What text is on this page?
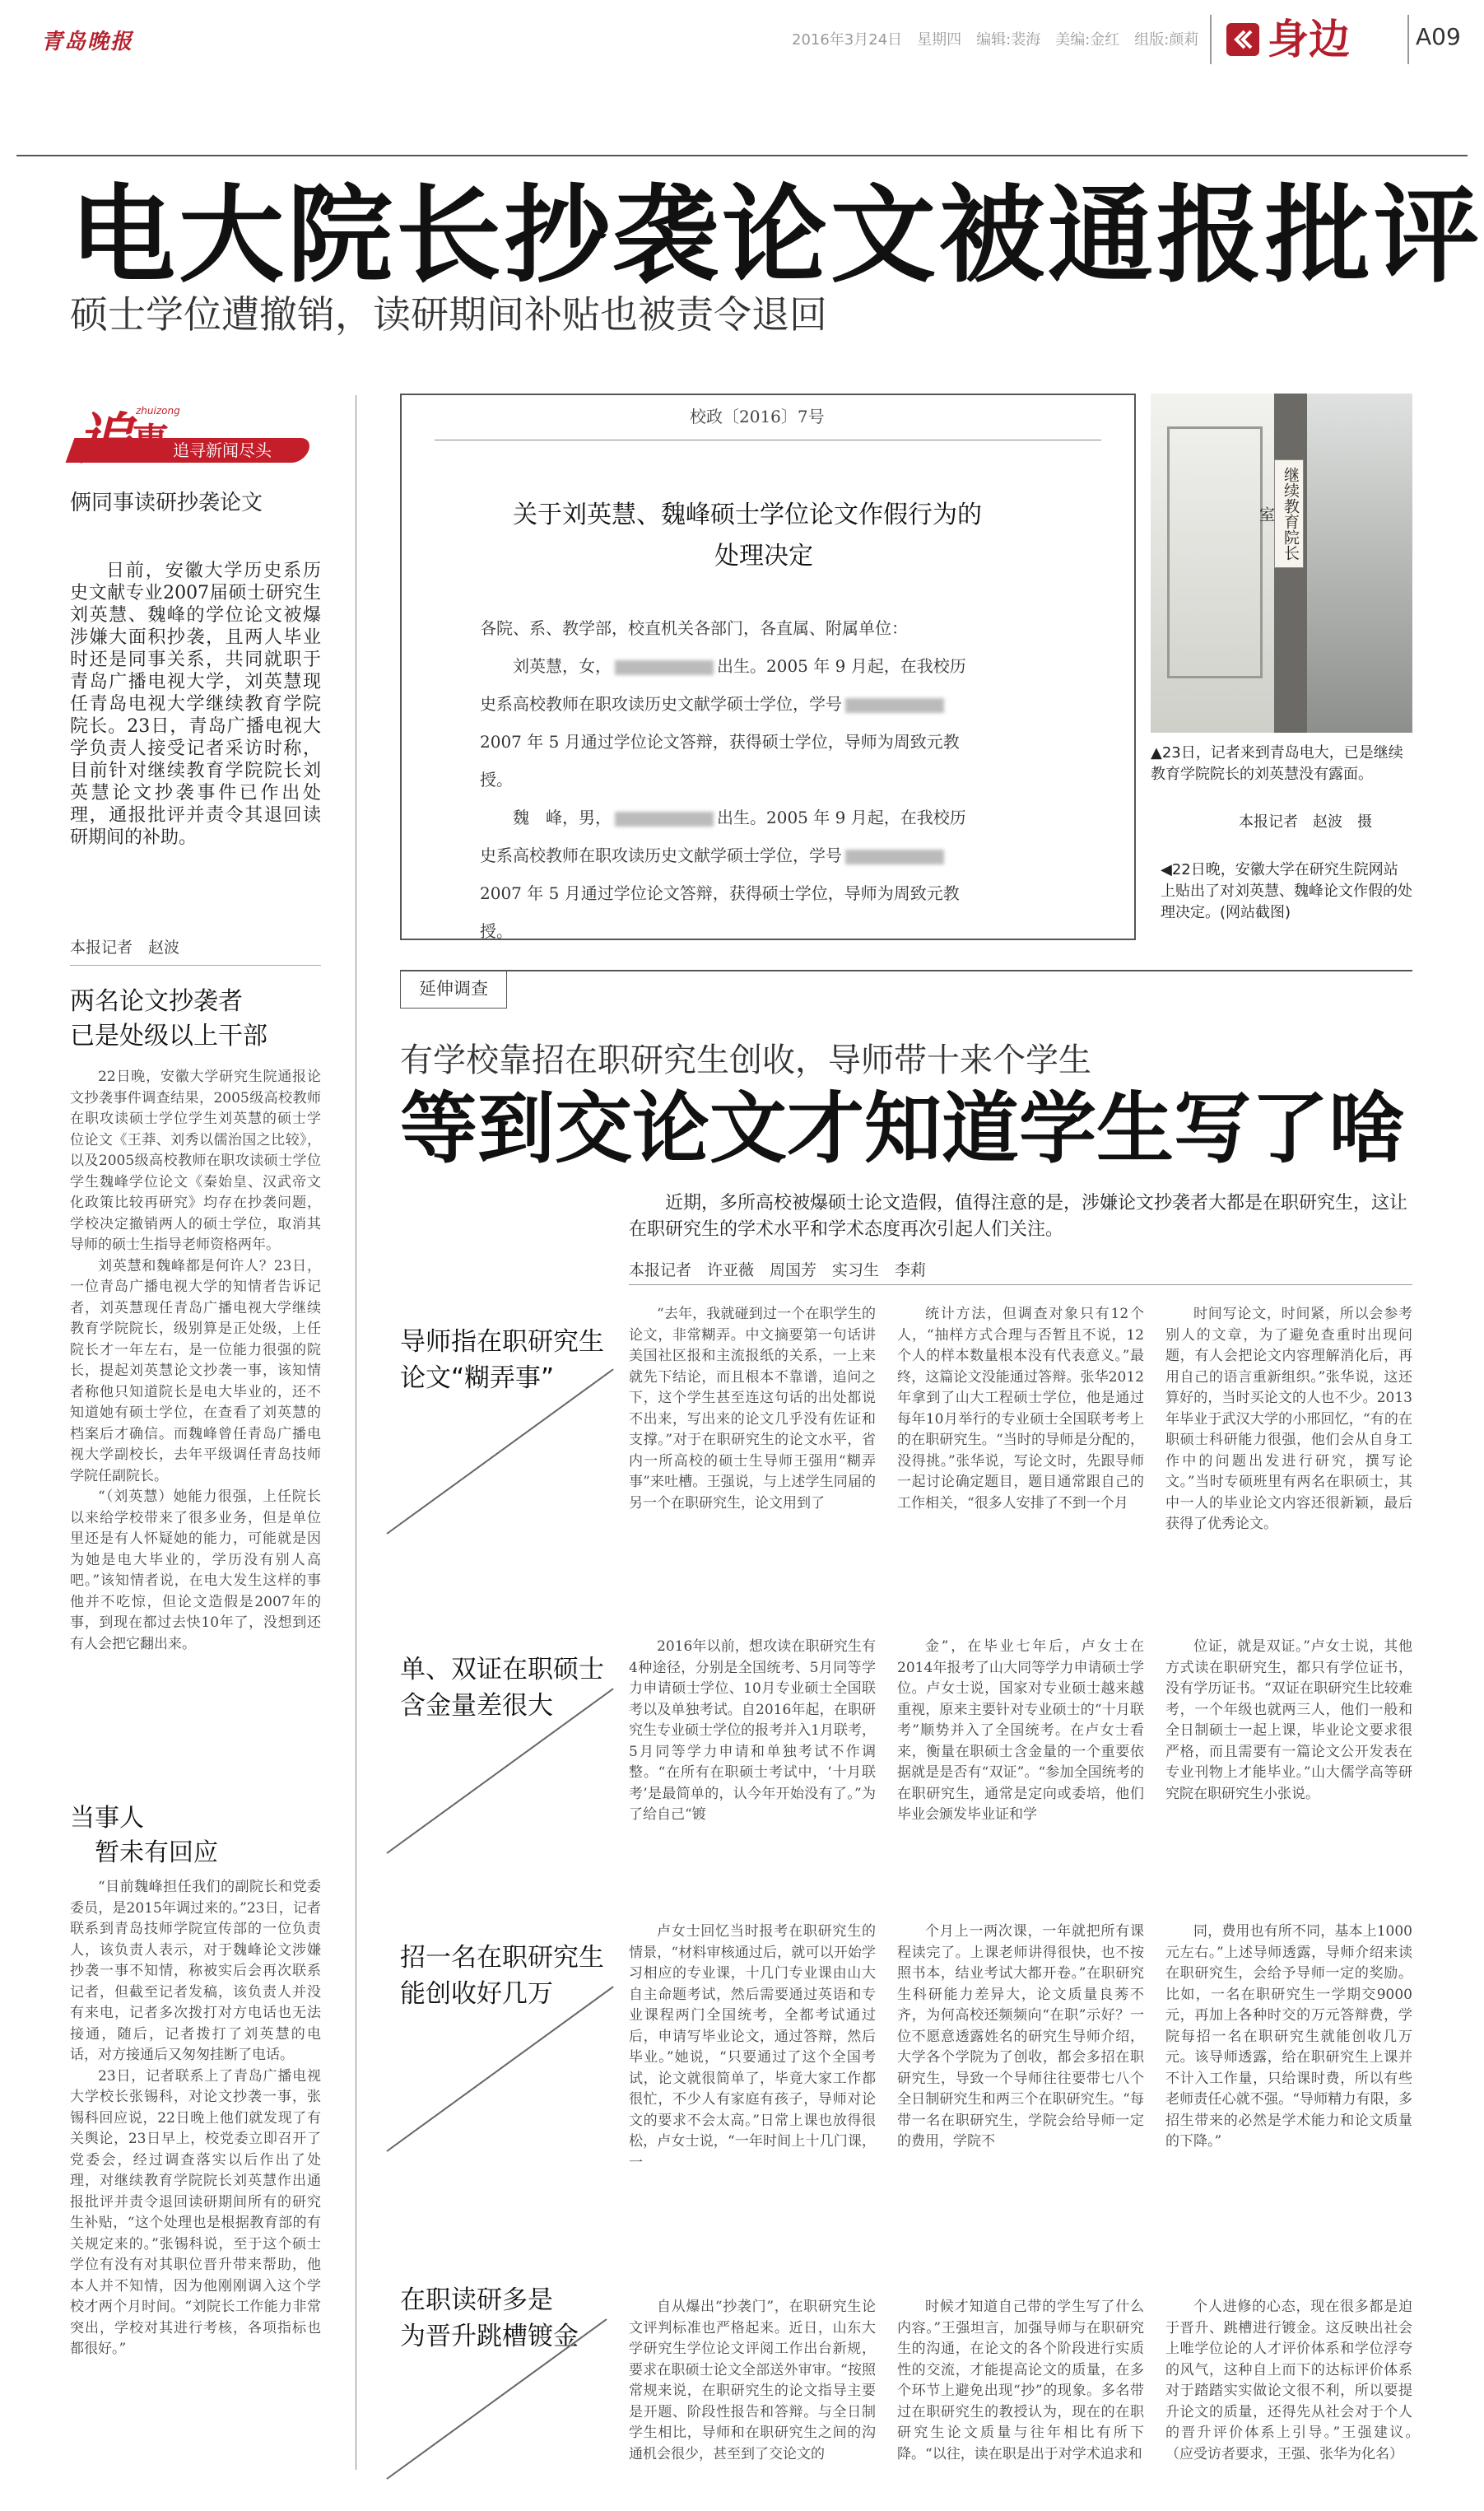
青岛晚报	2016年3月24日　星期四　编辑:裴海　美编:金红　组版:颜莉 身边	A09
电大院长抄袭论文被通报批评
硕士学位遭撤销，读研期间补贴也被责令退回
zhuizong
追 事 追寻新闻尽头
俩同事读研抄袭论文

日前，安徽大学历史系历史文献专业2007届硕士研究生刘英慧、魏峰的学位论文被爆涉嫌大面积抄袭，且两人毕业时还是同事关系，共同就职于青岛广播电视大学，刘英慧现任青岛电视大学继续教育学院院长。23日，青岛广播电视大学负责人接受记者采访时称，目前针对继续教育学院院长刘英慧论文抄袭事件已作出处理，通报批评并责令其退回读研期间的补助。

本报记者　赵波
两名论文抄袭者
已是处级以上干部

22日晚，安徽大学研究生院通报论文抄袭事件调查结果，2005级高校教师在职攻读硕士学位学生刘英慧的硕士学位论文《王莽、刘秀以儒治国之比较》，以及2005级高校教师在职攻读硕士学位学生魏峰学位论文《秦始皇、汉武帝文化政策比较再研究》均存在抄袭问题，学校决定撤销两人的硕士学位，取消其导师的硕士生指导老师资格两年。

刘英慧和魏峰都是何许人？23日，一位青岛广播电视大学的知情者告诉记者，刘英慧现任青岛广播电视大学继续教育学院院长，级别算是正处级，上任院长才一年左右，是一位能力很强的院长，提起刘英慧论文抄袭一事，该知情者称他只知道院长是电大毕业的，还不知道她有硕士学位，在查看了刘英慧的档案后才确信。而魏峰曾任青岛广播电视大学副校长，去年平级调任青岛技师学院任副院长。

“（刘英慧）她能力很强，上任院长以来给学校带来了很多业务，但是单位里还是有人怀疑她的能力，可能就是因为她是电大毕业的，学历没有别人高吧。”该知情者说，在电大发生这样的事他并不吃惊，但论文造假是2007年的事，到现在都过去快10年了，没想到还有人会把它翻出来。

当事人
暂未有回应

“目前魏峰担任我们的副院长和党委委员，是2015年调过来的。”23日，记者联系到青岛技师学院宣传部的一位负责人，该负责人表示，对于魏峰论文涉嫌抄袭一事不知情，称被实后会再次联系记者，但截至记者发稿，该负责人并没有来电，记者多次拨打对方电话也无法接通，随后，记者拨打了刘英慧的电话，对方接通后又匆匆挂断了电话。

23日，记者联系上了青岛广播电视大学校长张锡科，对论文抄袭一事，张锡科回应说，22日晚上他们就发现了有关舆论，23日早上，校党委立即召开了党委会，经过调查落实以后作出了处理，对继续教育学院院长刘英慧作出通报批评并责令退回读研期间所有的研究生补贴，“这个处理也是根据教育部的有关规定来的。”张锡科说，至于这个硕士学位有没有对其职位晋升带来帮助，他本人并不知情，因为他刚刚调入这个学校才两个月时间。“刘院长工作能力非常突出，学校对其进行考核，各项指标也都很好。”

校政〔2016〕7号
关于刘英慧、魏峰硕士学位论文作假行为的
处理决定
各院、系、教学部，校直机关各部门，各直属、附属单位：
刘英慧，女，	出生。2005 年 9 月起，在我校历
史系高校教师在职攻读历史文献学硕士学位，学号
2007 年 5 月通过学位论文答辩，获得硕士学位，导师为周致元教
授。
魏　峰，男，	出生。2005 年 9 月起，在我校历
史系高校教师在职攻读历史文献学硕士学位，学号
2007 年 5 月通过学位论文答辩，获得硕士学位，导师为周致元教
授。
继续教育院长室
▲23日，记者来到青岛电大，已是继续教育学院院长的刘英慧没有露面。
本报记者　赵波　摄
◀22日晚，安徽大学在研究生院网站上贴出了对刘英慧、魏峰论文作假的处理决定。(网站截图)
延伸调查
有学校靠招在职研究生创收，导师带十来个学生
等到交论文才知道学生写了啥

近期，多所高校被爆硕士论文造假，值得注意的是，涉嫌论文抄袭者大都是在职研究生，这让在职研究生的学术水平和学术态度再次引起人们关注。

本报记者　许亚薇　周国芳　实习生　李莉
导师指在职研究生
论文“糊弄事”

“去年，我就碰到过一个在职学生的论文，非常糊弄。中文摘要第一句话讲美国社区报和主流报纸的关系，一上来就先下结论，而且根本不靠谱，追问之下，这个学生甚至连这句话的出处都说不出来，写出来的论文几乎没有佐证和支撑。”对于在职研究生的论文水平，省内一所高校的硕士生导师王强用“糊弄事”来吐槽。王强说，与上述学生同届的另一个在职研究生，论文用到了

统计方法，但调查对象只有12个人，“抽样方式合理与否暂且不说，12个人的样本数量根本没有代表意义。”最终，这篇论文没能通过答辩。张华2012年拿到了山大工程硕士学位，他是通过每年10月举行的专业硕士全国联考考上的在职研究生。“当时的导师是分配的，没得挑。”张华说，写论文时，先跟导师一起讨论确定题目，题目通常跟自己的工作相关，“很多人安排了不到一个月

时间写论文，时间紧，所以会参考别人的文章，为了避免查重时出现问题，有人会把论文内容理解消化后，再用自己的语言重新组织。”张华说，这还算好的，当时买论文的人也不少。2013年毕业于武汉大学的小邢回忆，“有的在职硕士科研能力很强，他们会从自身工作中的问题出发进行研究，撰写论文。”当时专硕班里有两名在职硕士，其中一人的毕业论文内容还很新颖，最后获得了优秀论文。

单、双证在职硕士
含金量差很大

2016年以前，想攻读在职研究生有4种途径，分别是全国统考、5月同等学力申请硕士学位、10月专业硕士全国联考以及单独考试。自2016年起，在职研究生专业硕士学位的报考并入1月联考，5月同等学力申请和单独考试不作调整。“在所有在职硕士考试中，‘十月联考’是最简单的，认今年开始没有了。”为了给自己“镀

金”，在毕业七年后，卢女士在2014年报考了山大同等学力申请硕士学位。卢女士说，国家对专业硕士越来越重视，原来主要针对专业硕士的“十月联考”顺势并入了全国统考。在卢女士看来，衡量在职硕士含金量的一个重要依据就是是否有“双证”。“参加全国统考的在职研究生，通常是定向或委培，他们毕业会颁发毕业证和学

位证，就是双证。”卢女士说，其他方式读在职研究生，都只有学位证书，没有学历证书。“双证在职研究生比较难考，一个年级也就两三人，他们一般和全日制硕士一起上课，毕业论文要求很严格，而且需要有一篇论文公开发表在专业刊物上才能毕业。”山大儒学高等研究院在职研究生小张说。

招一名在职研究生
能创收好几万

卢女士回忆当时报考在职研究生的情景，“材料审核通过后，就可以开始学习相应的专业课，十几门专业课由山大自主命题考试，然后需要通过英语和专业课程两门全国统考，全都考试通过后，申请写毕业论文，通过答辩，然后毕业。”她说，“只要通过了这个全国考试，论文就很简单了，毕竟大家工作都很忙，不少人有家庭有孩子，导师对论文的要求不会太高。”日常上课也放得很松，卢女士说，“一年时间上十几门课，一

个月上一两次课，一年就把所有课程读完了。上课老师讲得很快，也不按照书本，结业考试大都开卷。”在职研究生科研能力差异大，论文质量良莠不齐，为何高校还频频向“在职”示好？一位不愿意透露姓名的研究生导师介绍，大学各个学院为了创收，都会多招在职研究生，导致一个导师往往要带七八个全日制研究生和两三个在职研究生。“每带一名在职研究生，学院会给导师一定的费用，学院不

同，费用也有所不同，基本上1000元左右。”上述导师透露，导师介绍来读在职研究生，会给予导师一定的奖励。比如，一名在职研究生一学期交9000元，再加上各种时交的万元答辩费，学院每招一名在职研究生就能创收几万元。该导师透露，给在职研究生上课并不计入工作量，只给课时费，所以有些老师责任心就不强。“导师精力有限，多招生带来的必然是学术能力和论文质量的下降。”

在职读研多是
为晋升跳槽镀金

自从爆出“抄袭门”，在职研究生论文评判标准也严格起来。近日，山东大学研究生学位论文评阅工作出台新规，要求在职硕士论文全部送外审审。“按照常规来说，在职研究生的论文指导主要是开题、阶段性报告和答辩。与全日制学生相比，导师和在职研究生之间的沟通机会很少，甚至到了交论文的

时候才知道自己带的学生写了什么内容。”王强坦言，加强导师与在职研究生的沟通，在论文的各个阶段进行实质性的交流，才能提高论文的质量，在多个环节上避免出现“抄”的现象。多名带过在职研究生的教授认为，现在的在职研究生论文质量与往年相比有所下降。“以往，读在职是出于对学术追求和

个人进修的心态，现在很多都是迫于晋升、跳槽进行镀金。这反映出社会上唯学位论的人才评价体系和学位浮夸的风气，这种自上而下的达标评价体系对于踏踏实实做论文很不利，所以要提升论文的质量，还得先从社会对于个人的晋升评价体系上引导。”王强建议。　（应受访者要求，王强、张华为化名）
